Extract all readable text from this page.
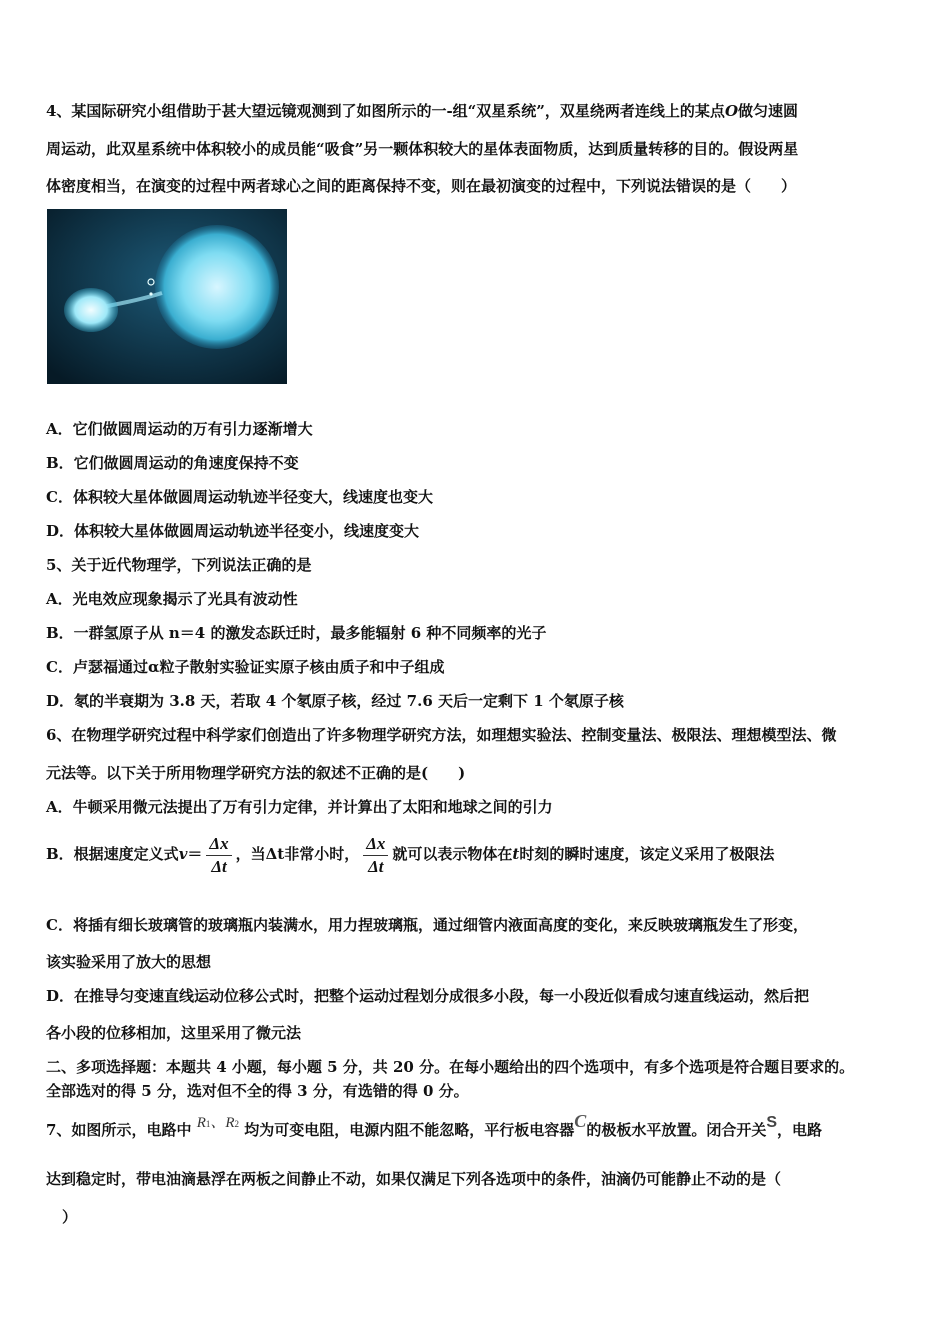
4、某国际研究小组借助于甚大望远镜观测到了如图所示的一-组“双星系统”，双星绕两者连线上的某点O做匀速圆
周运动，此双星系统中体积较小的成员能“吸食”另一颗体积较大的星体表面物质，达到质量转移的目的。假设两星
体密度相当，在演变的过程中两者球心之间的距离保持不变，则在最初演变的过程中，下列说法错误的是（　　）
A．它们做圆周运动的万有引力逐渐增大
B．它们做圆周运动的角速度保持不变
C．体积较大星体做圆周运动轨迹半径变大，线速度也变大
D．体积较大星体做圆周运动轨迹半径变小，线速度变大
5、关于近代物理学，下列说法正确的是
A．光电效应现象揭示了光具有波动性
B．一群氢原子从 n＝4 的激发态跃迁时，最多能辐射 6 种不同频率的光子
C．卢瑟福通过α粒子散射实验证实原子核由质子和中子组成
D．氡的半衰期为 3.8 天，若取 4 个氡原子核，经过 7.6 天后一定剩下 1 个氡原子核
6、在物理学研究过程中科学家们创造出了许多物理学研究方法，如理想实验法、控制变量法、极限法、理想模型法、微
元法等。以下关于所用物理学研究方法的叙述不正确的是(　　)
A．牛顿采用微元法提出了万有引力定律，并计算出了太阳和地球之间的引力
B．根据速度定义式$v= \frac{\Delta x}{\Delta t}$ ，当Δt非常小时， $\frac{\Delta x}{\Delta t}$ 就可以表示物体在t时刻的瞬时速度，该定义采用了极限法
C．将插有细长玻璃管的玻璃瓶内装满水，用力捏玻璃瓶，通过细管内液面高度的变化，来反映玻璃瓶发生了形变，
该实验采用了放大的思想
D．在推导匀变速直线运动位移公式时，把整个运动过程划分成很多小段，每一小段近似看成匀速直线运动，然后把
各小段的位移相加，这里采用了微元法
二、多项选择题：本题共 4 小题，每小题 5 分，共 20 分。在每小题给出的四个选项中，有多个选项是符合题目要求的。
全部选对的得 5 分，选对但不全的得 3 分，有选错的得 0 分。
7、如图所示，电路中 R1、R2 均为可变电阻，电源内阻不能忽略，平行板电容器C的极板水平放置。闭合开关S，电路
达到稳定时，带电油滴悬浮在两板之间静止不动，如果仅满足下列各选项中的条件，油滴仍可能静止不动的是（
）
